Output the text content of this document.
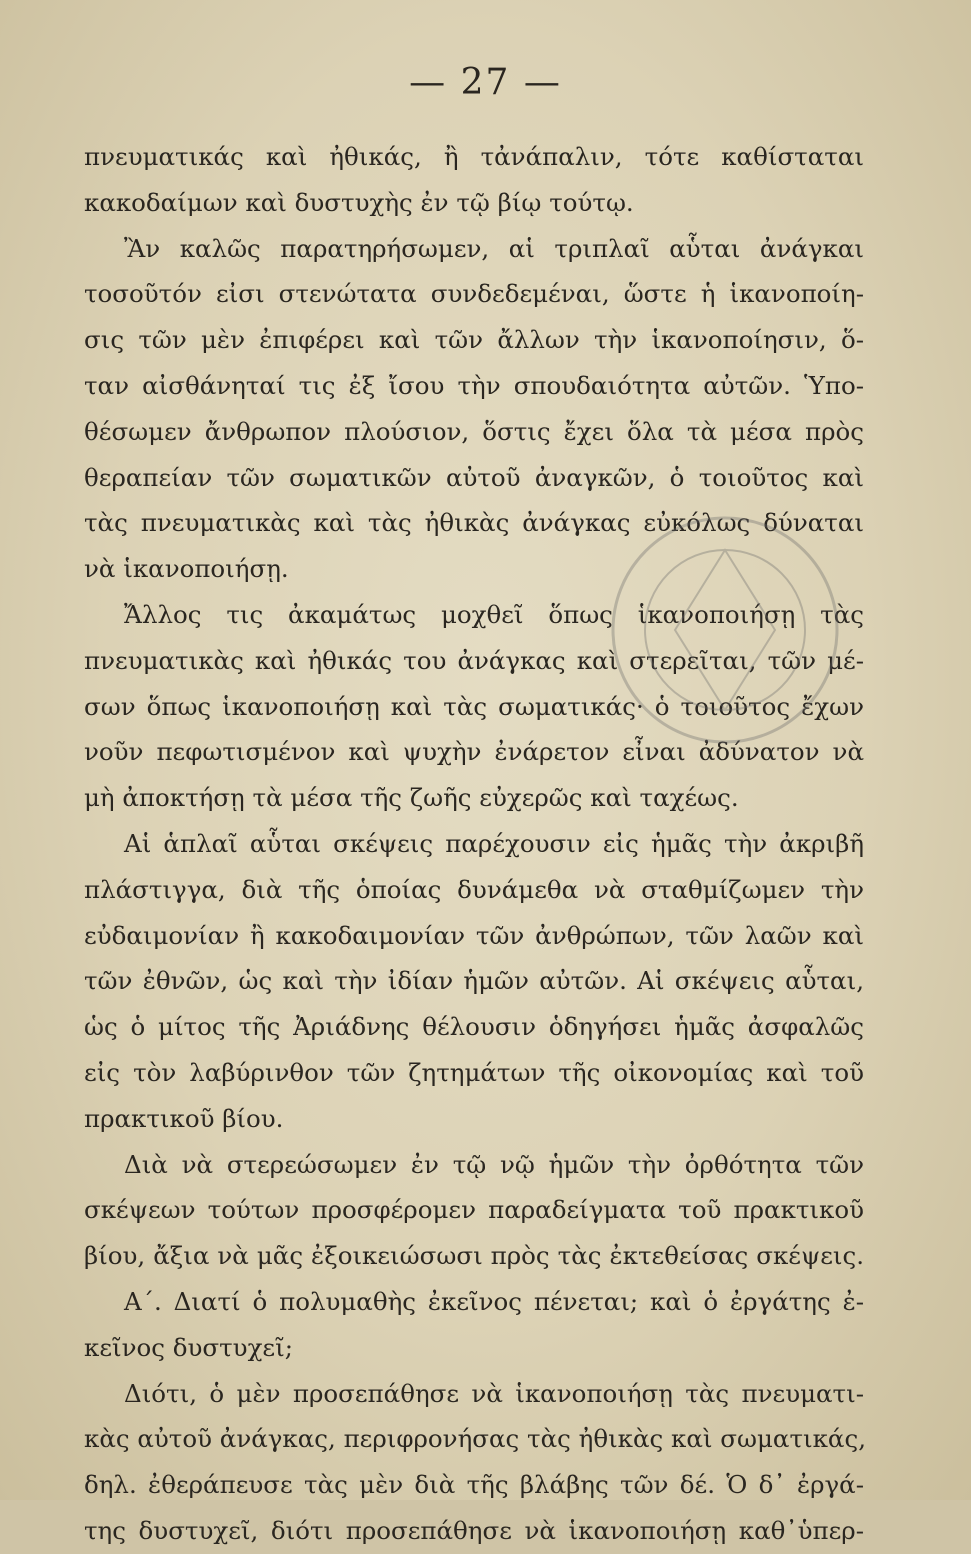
— 27 —
πνευματικάς καὶ ἠθικάς, ἢ τἀνάπαλιν, τότε καθίσταται
κακοδαίμων καὶ δυστυχὴς ἐν τῷ βίῳ τούτῳ.
Ἂν καλῶς παρατηρήσωμεν, αἱ τριπλαῖ αὗται ἀνάγκαι
τοσοῦτόν εἰσι στενώτατα συνδεδεμέναι, ὥστε ἡ ἱκανοποίη-
σις τῶν μὲν ἐπιφέρει καὶ τῶν ἄλλων τὴν ἱκανοποίησιν, ὅ-
ταν αἰσθάνηταί τις ἐξ ἴσου τὴν σπουδαιότητα αὐτῶν. Ὑπο-
θέσωμεν ἄνθρωπον πλούσιον, ὅστις ἔχει ὅλα τὰ μέσα πρὸς
θεραπείαν τῶν σωματικῶν αὐτοῦ ἀναγκῶν, ὁ τοιοῦτος καὶ
τὰς πνευματικὰς καὶ τὰς ἠθικὰς ἀνάγκας εὐκόλως δύναται
νὰ ἱκανοποιήσῃ.
Ἄλλος τις ἀκαμάτως μοχθεῖ ὅπως ἱκανοποιήσῃ τὰς
πνευματικὰς καὶ ἠθικάς του ἀνάγκας καὶ στερεῖται, τῶν μέ-
σων ὅπως ἱκανοποιήσῃ καὶ τὰς σωματικάς· ὁ τοιοῦτος ἔχων
νοῦν πεφωτισμένον καὶ ψυχὴν ἐνάρετον εἶναι ἀδύνατον νὰ
μὴ ἀποκτήσῃ τὰ μέσα τῆς ζωῆς εὐχερῶς καὶ ταχέως.
Αἱ ἁπλαῖ αὗται σκέψεις παρέχουσιν εἰς ἡμᾶς τὴν ἀκριβῆ
πλάστιγγα, διὰ τῆς ὁποίας δυνάμεθα νὰ σταθμίζωμεν τὴν
εὐδαιμονίαν ἢ κακοδαιμονίαν τῶν ἀνθρώπων, τῶν λαῶν καὶ
τῶν ἐθνῶν, ὡς καὶ τὴν ἰδίαν ἡμῶν αὐτῶν. Αἱ σκέψεις αὗται,
ὡς ὁ μίτος τῆς Ἀριάδνης θέλουσιν ὁδηγήσει ἡμᾶς ἀσφαλῶς
εἰς τὸν λαβύρινθον τῶν ζητημάτων τῆς οἰκονομίας καὶ τοῦ
πρακτικοῦ βίου.
Διὰ νὰ στερεώσωμεν ἐν τῷ νῷ ἡμῶν τὴν ὀρθότητα τῶν
σκέψεων τούτων προσφέρομεν παραδείγματα τοῦ πρακτικοῦ
βίου, ἄξια νὰ μᾶς ἐξοικειώσωσι πρὸς τὰς ἐκτεθείσας σκέψεις.
Α΄. Διατί ὁ πολυμαθὴς ἐκεῖνος πένεται; καὶ ὁ ἐργάτης ἐ-
κεῖνος δυστυχεῖ;
Διότι, ὁ μὲν προσεπάθησε νὰ ἱκανοποιήσῃ τὰς πνευματι-
κὰς αὐτοῦ ἀνάγκας, περιφρονήσας τὰς ἠθικὰς καὶ σωματικάς,
δηλ. ἐθεράπευσε τὰς μὲν διὰ τῆς βλάβης τῶν δέ. Ὁ δ᾽ ἐργά-
της δυστυχεῖ, διότι προσεπάθησε νὰ ἱκανοποιήσῃ καθ᾽ὑπερ-
